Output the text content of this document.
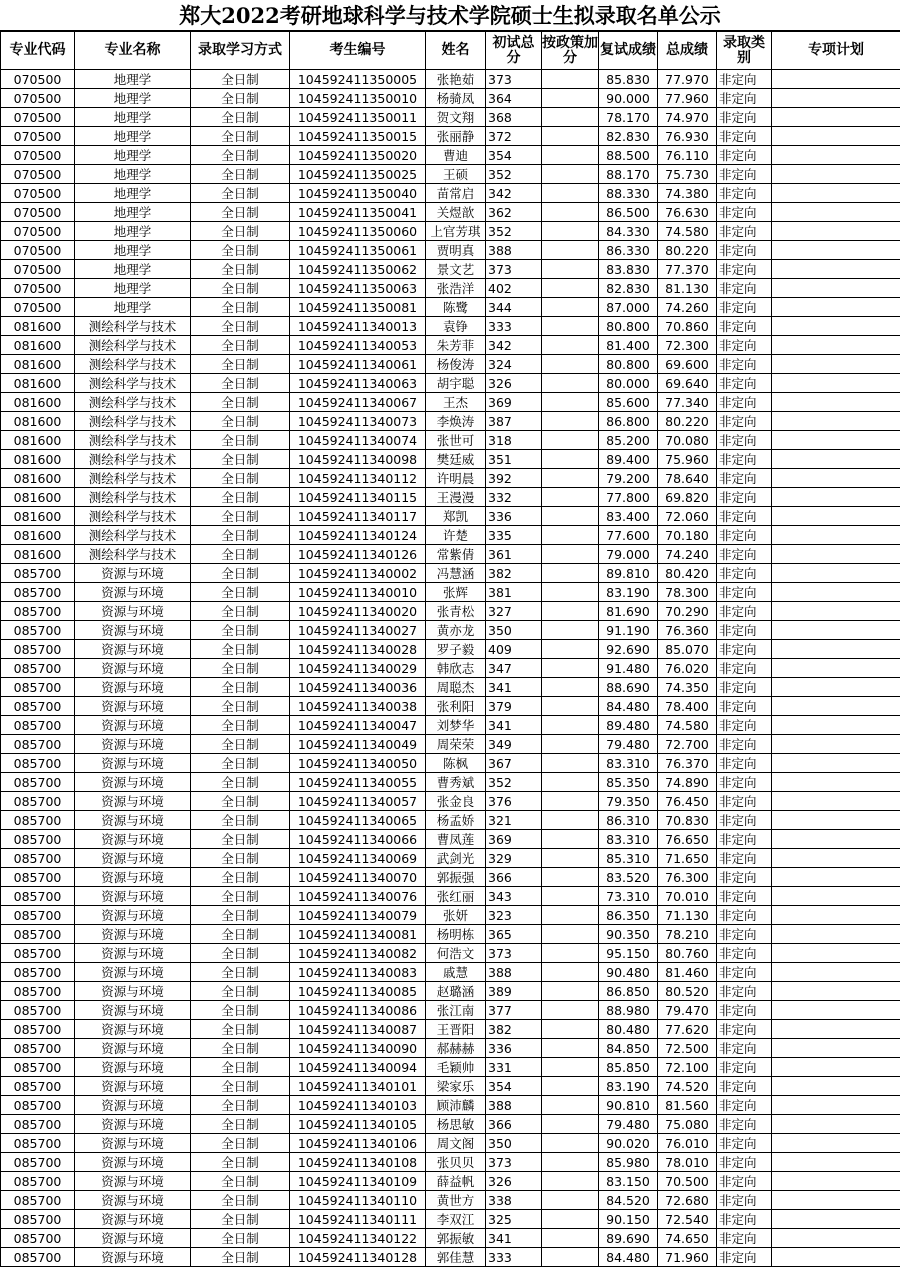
郑大2022考研地球科学与技术学院硕士生拟录取名单公示
专业代码	专业名称	录取学习方式	考生编号	姓名	初试总分	按政策加分	复试成绩	总成绩	录取类别	专项计划
070500	地理学	全日制	104592411350005	张艳茹	373		85.830	77.970	非定向	
070500	地理学	全日制	104592411350010	杨骑凤	364		90.000	77.960	非定向	
070500	地理学	全日制	104592411350011	贺文翔	368		78.170	74.970	非定向	
070500	地理学	全日制	104592411350015	张丽静	372		82.830	76.930	非定向	
070500	地理学	全日制	104592411350020	曹迪	354		88.500	76.110	非定向	
070500	地理学	全日制	104592411350025	王硕	352		88.170	75.730	非定向	
070500	地理学	全日制	104592411350040	苗常启	342		88.330	74.380	非定向	
070500	地理学	全日制	104592411350041	关煜歆	362		86.500	76.630	非定向	
070500	地理学	全日制	104592411350060	上官芳琪	352		84.330	74.580	非定向	
070500	地理学	全日制	104592411350061	贾明真	388		86.330	80.220	非定向	
070500	地理学	全日制	104592411350062	景文艺	373		83.830	77.370	非定向	
070500	地理学	全日制	104592411350063	张浩洋	402		82.830	81.130	非定向	
070500	地理学	全日制	104592411350081	陈鹭	344		87.000	74.260	非定向	
081600	测绘科学与技术	全日制	104592411340013	袁铮	333		80.800	70.860	非定向	
081600	测绘科学与技术	全日制	104592411340053	朱芳菲	342		81.400	72.300	非定向	
081600	测绘科学与技术	全日制	104592411340061	杨俊涛	324		80.800	69.600	非定向	
081600	测绘科学与技术	全日制	104592411340063	胡宇聪	326		80.000	69.640	非定向	
081600	测绘科学与技术	全日制	104592411340067	王杰	369		85.600	77.340	非定向	
081600	测绘科学与技术	全日制	104592411340073	李焕涛	387		86.800	80.220	非定向	
081600	测绘科学与技术	全日制	104592411340074	张世可	318		85.200	70.080	非定向	
081600	测绘科学与技术	全日制	104592411340098	樊廷威	351		89.400	75.960	非定向	
081600	测绘科学与技术	全日制	104592411340112	许明晨	392		79.200	78.640	非定向	
081600	测绘科学与技术	全日制	104592411340115	王漫漫	332		77.800	69.820	非定向	
081600	测绘科学与技术	全日制	104592411340117	郑凯	336		83.400	72.060	非定向	
081600	测绘科学与技术	全日制	104592411340124	许楚	335		77.600	70.180	非定向	
081600	测绘科学与技术	全日制	104592411340126	常紫倩	361		79.000	74.240	非定向	
085700	资源与环境	全日制	104592411340002	冯慧涵	382		89.810	80.420	非定向	
085700	资源与环境	全日制	104592411340010	张辉	381		83.190	78.300	非定向	
085700	资源与环境	全日制	104592411340020	张青松	327		81.690	70.290	非定向	
085700	资源与环境	全日制	104592411340027	黄亦龙	350		91.190	76.360	非定向	
085700	资源与环境	全日制	104592411340028	罗子毅	409		92.690	85.070	非定向	
085700	资源与环境	全日制	104592411340029	韩欣志	347		91.480	76.020	非定向	
085700	资源与环境	全日制	104592411340036	周聪杰	341		88.690	74.350	非定向	
085700	资源与环境	全日制	104592411340038	张利阳	379		84.480	78.400	非定向	
085700	资源与环境	全日制	104592411340047	刘梦华	341		89.480	74.580	非定向	
085700	资源与环境	全日制	104592411340049	周荣荣	349		79.480	72.700	非定向	
085700	资源与环境	全日制	104592411340050	陈枫	367		83.310	76.370	非定向	
085700	资源与环境	全日制	104592411340055	曹秀斌	352		85.350	74.890	非定向	
085700	资源与环境	全日制	104592411340057	张金良	376		79.350	76.450	非定向	
085700	资源与环境	全日制	104592411340065	杨孟娇	321		86.310	70.830	非定向	
085700	资源与环境	全日制	104592411340066	曹凤莲	369		83.310	76.650	非定向	
085700	资源与环境	全日制	104592411340069	武剑光	329		85.310	71.650	非定向	
085700	资源与环境	全日制	104592411340070	郭振强	366		83.520	76.300	非定向	
085700	资源与环境	全日制	104592411340076	张红丽	343		73.310	70.010	非定向	
085700	资源与环境	全日制	104592411340079	张妍	323		86.350	71.130	非定向	
085700	资源与环境	全日制	104592411340081	杨明栋	365		90.350	78.210	非定向	
085700	资源与环境	全日制	104592411340082	何浩文	373		95.150	80.760	非定向	
085700	资源与环境	全日制	104592411340083	戚慧	388		90.480	81.460	非定向	
085700	资源与环境	全日制	104592411340085	赵璐涵	389		86.850	80.520	非定向	
085700	资源与环境	全日制	104592411340086	张江南	377		88.980	79.470	非定向	
085700	资源与环境	全日制	104592411340087	王晋阳	382		80.480	77.620	非定向	
085700	资源与环境	全日制	104592411340090	郝赫赫	336		84.850	72.500	非定向	
085700	资源与环境	全日制	104592411340094	毛颖帅	331		85.850	72.100	非定向	
085700	资源与环境	全日制	104592411340101	梁家乐	354		83.190	74.520	非定向	
085700	资源与环境	全日制	104592411340103	顾沛麟	388		90.810	81.560	非定向	
085700	资源与环境	全日制	104592411340105	杨思敏	366		79.480	75.080	非定向	
085700	资源与环境	全日制	104592411340106	周文阁	350		90.020	76.010	非定向	
085700	资源与环境	全日制	104592411340108	张贝贝	373		85.980	78.010	非定向	
085700	资源与环境	全日制	104592411340109	薛益帆	326		83.150	70.500	非定向	
085700	资源与环境	全日制	104592411340110	黄世方	338		84.520	72.680	非定向	
085700	资源与环境	全日制	104592411340111	李双江	325		90.150	72.540	非定向	
085700	资源与环境	全日制	104592411340122	郭振敏	341		89.690	74.650	非定向	
085700	资源与环境	全日制	104592411340128	郭佳慧	333		84.480	71.960	非定向	
